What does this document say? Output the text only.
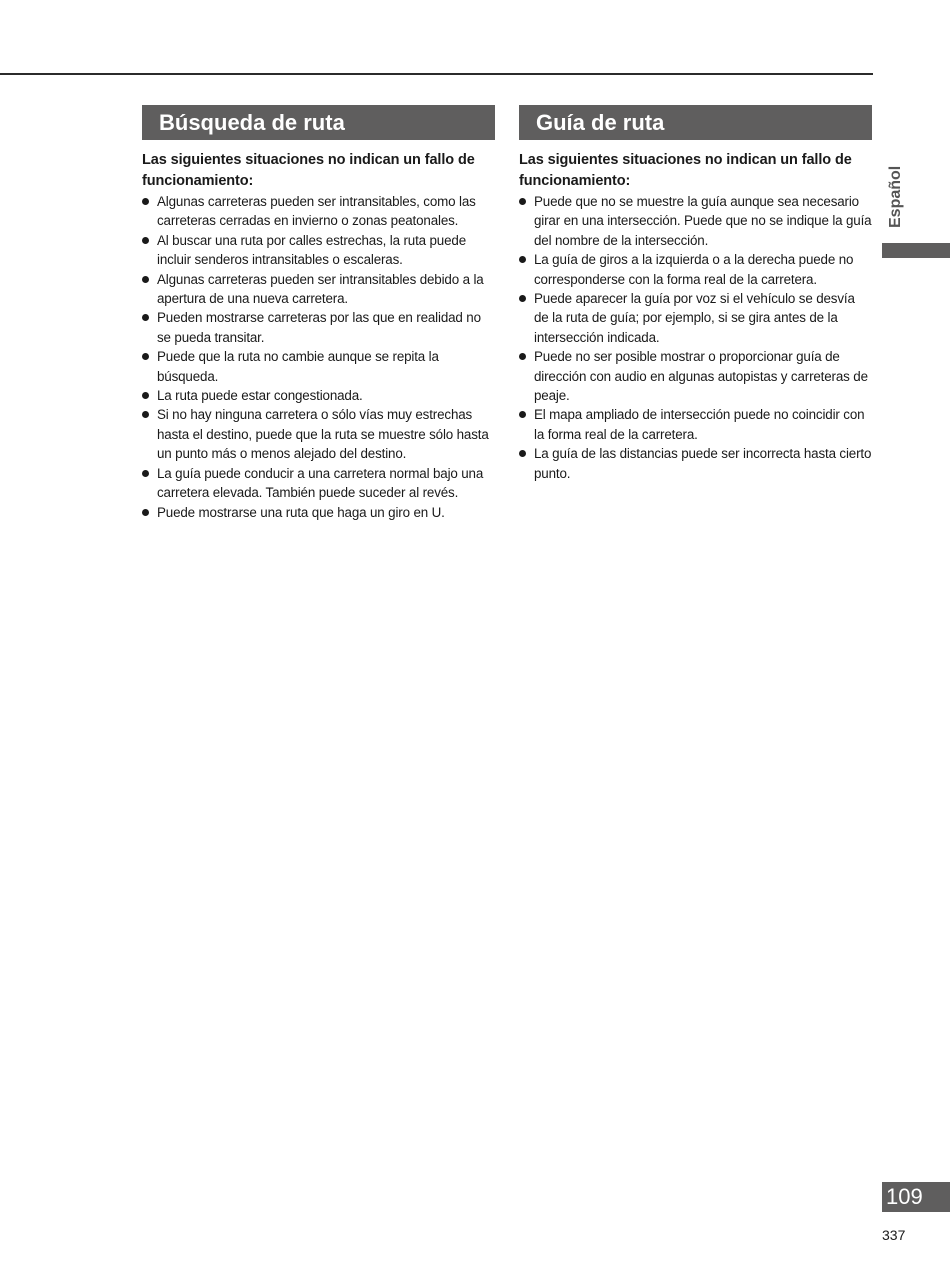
Búsqueda de ruta
Las siguientes situaciones no indican un fallo de funcionamiento:
Algunas carreteras pueden ser intransitables, como las carreteras cerradas en invierno o zonas peatonales.
Al buscar una ruta por calles estrechas, la ruta puede incluir senderos intransitables o escaleras.
Algunas carreteras pueden ser intransitables debido a la apertura de una nueva carretera.
Pueden mostrarse carreteras por las que en realidad no se pueda transitar.
Puede que la ruta no cambie aunque se repita la búsqueda.
La ruta puede estar congestionada.
Si no hay ninguna carretera o sólo vías muy estrechas hasta el destino, puede que la ruta se muestre sólo hasta un punto más o menos alejado del destino.
La guía puede conducir a una carretera normal bajo una carretera elevada. También puede suceder al revés.
Puede mostrarse una ruta que haga un giro en U.
Guía de ruta
Las siguientes situaciones no indican un fallo de funcionamiento:
Puede que no se muestre la guía aunque sea necesario girar en una intersección. Puede que no se indique la guía del nombre de la intersección.
La guía de giros a la izquierda o a la derecha puede no corresponderse con la forma real de la carretera.
Puede aparecer la guía por voz si el vehículo se desvía de la ruta de guía; por ejemplo, si se gira antes de la intersección indicada.
Puede no ser posible mostrar o proporcionar guía de dirección con audio en algunas autopistas y carreteras de peaje.
El mapa ampliado de intersección puede no coincidir con la forma real de la carretera.
La guía de las distancias puede ser incorrecta hasta cierto punto.
Español
109
337
